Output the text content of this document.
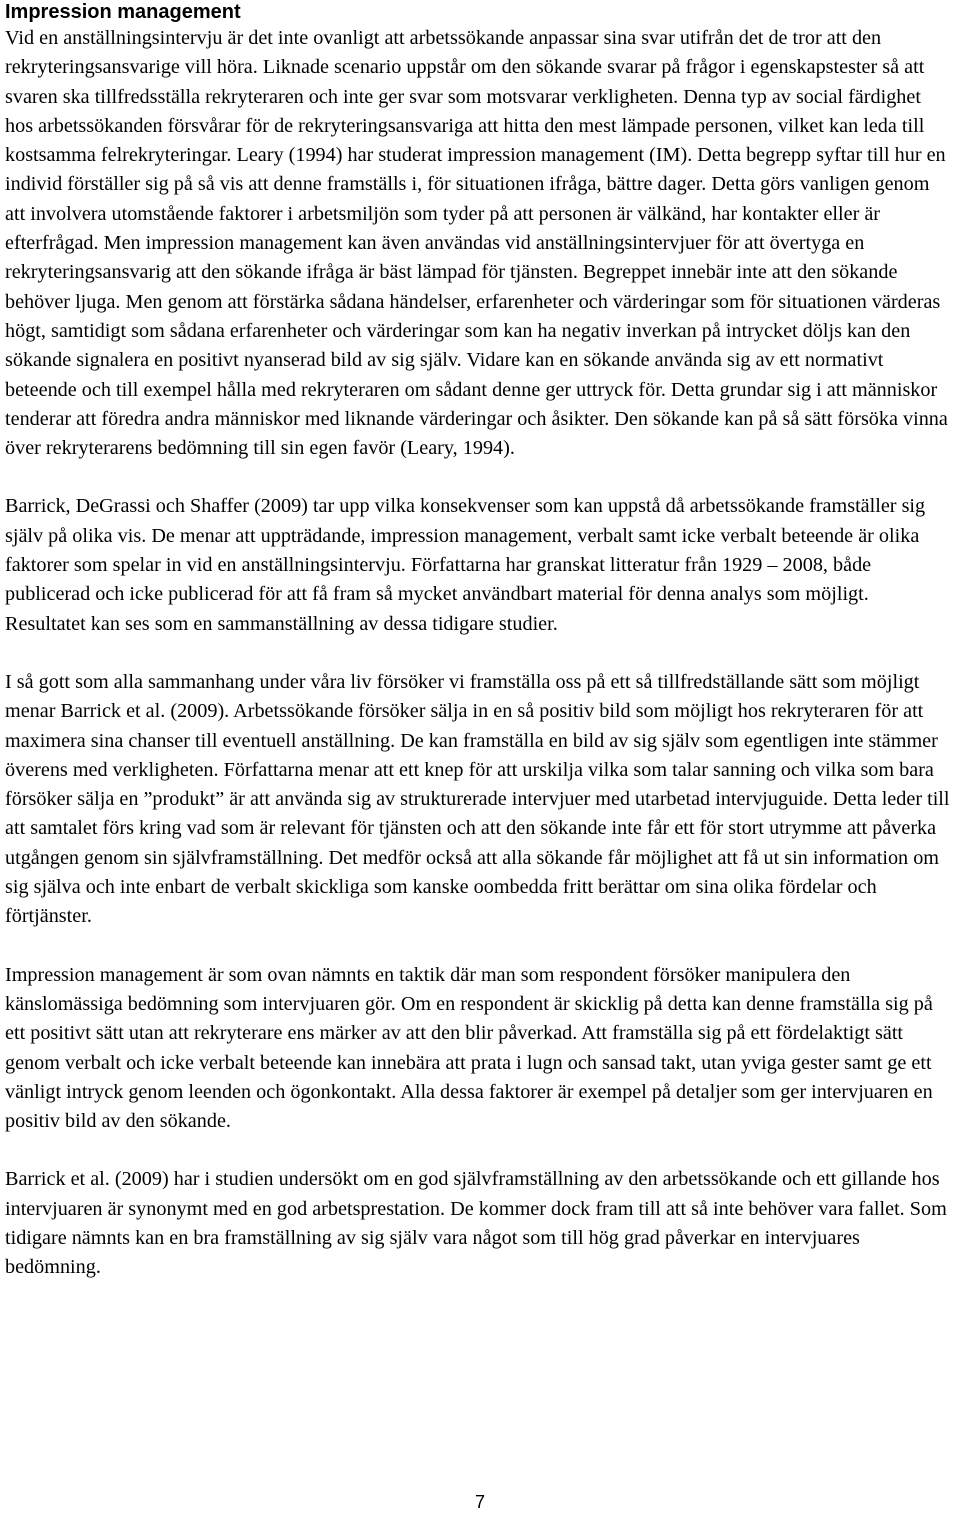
Impression management

Vid en anställningsintervju är det inte ovanligt att arbetssökande anpassar sina svar utifrån det de tror att den rekryteringsansvarige vill höra. Liknade scenario uppstår om den sökande svarar på frågor i egenskapstester så att svaren ska tillfredsställa rekryteraren och inte ger svar som motsvarar verkligheten. Denna typ av social färdighet hos arbetssökanden försvårar för de rekryteringsansvariga att hitta den mest lämpade personen, vilket kan leda till kostsamma felrekryteringar. Leary (1994) har studerat impression management (IM). Detta begrepp syftar till hur en individ förställer sig på så vis att denne framställs i, för situationen ifråga, bättre dager. Detta görs vanligen genom att involvera utomstående faktorer i arbetsmiljön som tyder på att personen är välkänd, har kontakter eller är efterfrågad. Men impression management kan även användas vid anställningsintervjuer för att övertyga en rekryteringsansvarig att den sökande ifråga är bäst lämpad för tjänsten. Begreppet innebär inte att den sökande behöver ljuga. Men genom att förstärka sådana händelser, erfarenheter och värderingar som för situationen värderas högt, samtidigt som sådana erfarenheter och värderingar som kan ha negativ inverkan på intrycket döljs kan den sökande signalera en positivt nyanserad bild av sig själv. Vidare kan en sökande använda sig av ett normativt beteende och till exempel hålla med rekryteraren om sådant denne ger uttryck för. Detta grundar sig i att människor tenderar att föredra andra människor med liknande värderingar och åsikter. Den sökande kan på så sätt försöka vinna över rekryterarens bedömning till sin egen favör (Leary, 1994).

Barrick, DeGrassi och Shaffer (2009) tar upp vilka konsekvenser som kan uppstå då arbetssökande framställer sig själv på olika vis. De menar att uppträdande, impression management, verbalt samt icke verbalt beteende är olika faktorer som spelar in vid en anställningsintervju. Författarna har granskat litteratur från 1929 – 2008, både publicerad och icke publicerad för att få fram så mycket användbart material för denna analys som möjligt. Resultatet kan ses som en sammanställning av dessa tidigare studier.

I så gott som alla sammanhang under våra liv försöker vi framställa oss på ett så tillfredställande sätt som möjligt menar Barrick et al. (2009). Arbetssökande försöker sälja in en så positiv bild som möjligt hos rekryteraren för att maximera sina chanser till eventuell anställning. De kan framställa en bild av sig själv som egentligen inte stämmer överens med verkligheten. Författarna menar att ett knep för att urskilja vilka som talar sanning och vilka som bara försöker sälja en ”produkt” är att använda sig av strukturerade intervjuer med utarbetad intervjuguide. Detta leder till att samtalet förs kring vad som är relevant för tjänsten och att den sökande inte får ett för stort utrymme att påverka utgången genom sin självframställning. Det medför också att alla sökande får möjlighet att få ut sin information om sig själva och inte enbart de verbalt skickliga som kanske oombedda fritt berättar om sina olika fördelar och förtjänster.

Impression management är som ovan nämnts en taktik där man som respondent försöker manipulera den känslomässiga bedömning som intervjuaren gör. Om en respondent är skicklig på detta kan denne framställa sig på ett positivt sätt utan att rekryterare ens märker av att den blir påverkad. Att framställa sig på ett fördelaktigt sätt genom verbalt och icke verbalt beteende kan innebära att prata i lugn och sansad takt, utan yviga gester samt ge ett vänligt intryck genom leenden och ögonkontakt. Alla dessa faktorer är exempel på detaljer som ger intervjuaren en positiv bild av den sökande.

Barrick et al. (2009) har i studien undersökt om en god självframställning av den arbetssökande och ett gillande hos intervjuaren är synonymt med en god arbetsprestation. De kommer dock fram till att så inte behöver vara fallet. Som tidigare nämnts kan en bra framställning av sig själv vara något som till hög grad påverkar en intervjuares bedömning.

7
